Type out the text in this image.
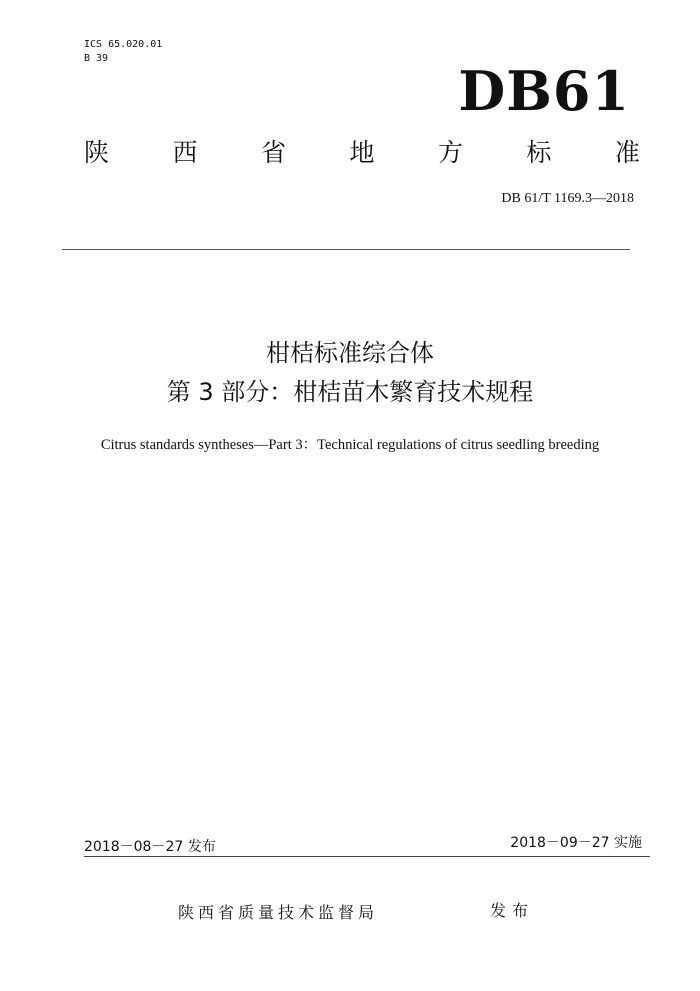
ICS 65.020.01
B 39
DB61
陕	西	省	地	方	标	准
DB 61/T 1169.3—2018
柑桔标准综合体
第 3 部分：柑桔苗木繁育技术规程
Citrus standards syntheses—Part 3：Technical regulations of citrus seedling breeding
2018－08－27 发布	2018－09－27 实施
陕西省质量技术监督局	发布
